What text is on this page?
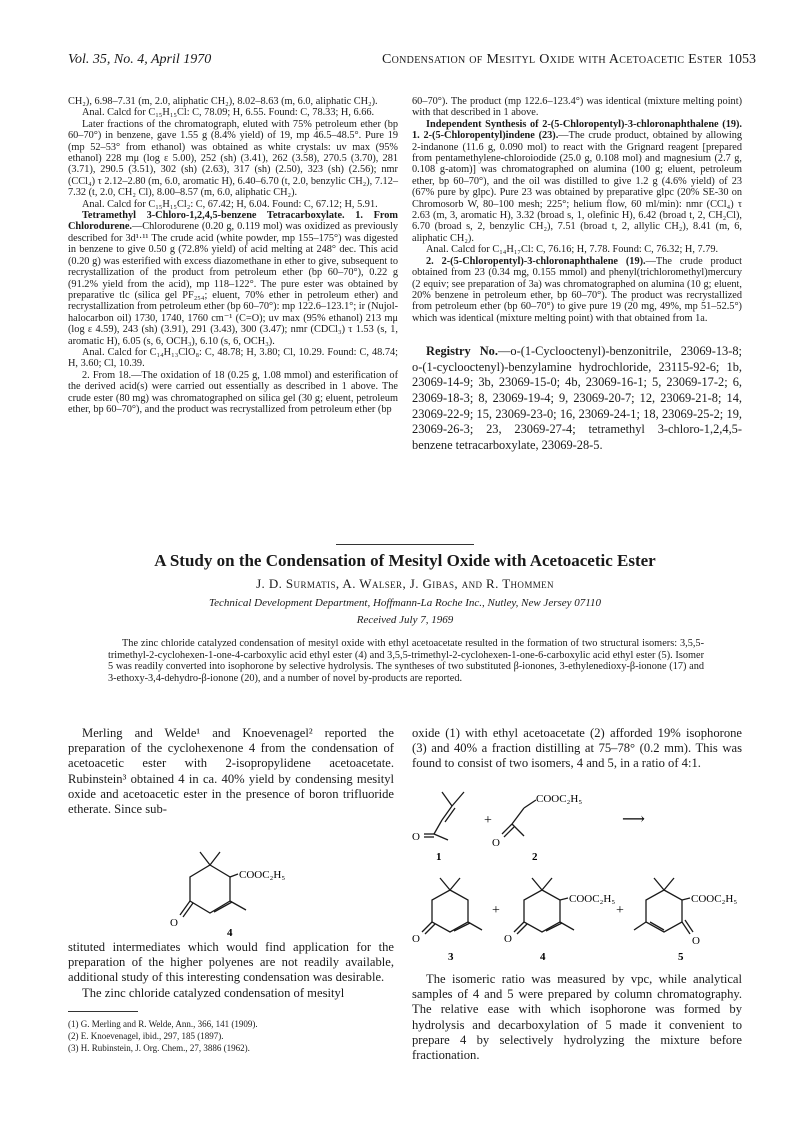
Vol. 35, No. 4, April 1970	Condensation of Mesityl Oxide with Acetoacetic Ester 1053

CH₂), 6.98–7.31 (m, 2.0, aliphatic CH₂), 8.02–8.63 (m, 6.0, aliphatic CH₂).

Anal. Calcd for C₁₅H₁₅Cl: C, 78.09; H, 6.55. Found: C, 78.33; H, 6.66.

Later fractions of the chromatograph, eluted with 75% petroleum ether (bp 60–70°) in benzene, gave 1.55 g (8.4% yield) of 19, mp 46.5–48.5°. Pure 19 (mp 52–53° from ethanol) was obtained as white crystals: uv max (95% ethanol) 228 mμ (log ε 5.00), 252 (sh) (3.41), 262 (3.58), 270.5 (3.70), 281 (3.71), 290.5 (3.51), 302 (sh) (2.63), 317 (sh) (2.50), 323 (sh) (2.56); nmr (CCl₄) τ 2.12–2.80 (m, 6.0, aromatic H), 6.40–6.70 (t, 2.0, benzylic CH₂), 7.12–7.32 (t, 2.0, CH₂ Cl), 8.00–8.57 (m, 6.0, aliphatic CH₂).

Anal. Calcd for C₁₅H₁₅Cl₂: C, 67.42; H, 6.04. Found: C, 67.12; H, 5.91.

Tetramethyl 3-Chloro-1,2,4,5-benzene Tetracarboxylate. 1. From Chlorodurene.—Chlorodurene (0.20 g, 0.119 mol) was oxidized as previously described for 3d¹·¹¹ The crude acid (white powder, mp 155–175°) was digested in benzene to give 0.50 g (72.8% yield) of acid melting at 248° dec. This acid (0.20 g) was esterified with excess diazomethane in ether to give, subsequent to recrystallization of the product from petroleum ether (bp 60–70°), 0.22 g (91.2% yield from the acid), mp 118–122°. The pure ester was obtained by preparative tlc (silica gel PF₂₅₄; eluent, 70% ether in petroleum ether) and recrystallization from petroleum ether (bp 60–70°): mp 122.6–123.1°; ir (Nujol-halocarbon oil) 1730, 1740, 1760 cm⁻¹ (C=O); uv max (95% ethanol) 213 mμ (log ε 4.59), 243 (sh) (3.91), 291 (3.43), 300 (3.47); nmr (CDCl₃) τ 1.53 (s, 1, aromatic H), 6.05 (s, 6, OCH₃), 6.10 (s, 6, OCH₃).

Anal. Calcd for C₁₄H₁₃ClO₈: C, 48.78; H, 3.80; Cl, 10.29. Found: C, 48.74; H, 3.60; Cl, 10.39.

2. From 18.—The oxidation of 18 (0.25 g, 1.08 mmol) and esterification of the derived acid(s) were carried out essentially as described in 1 above. The crude ester (80 mg) was chromatographed on silica gel (30 g; eluent, petroleum ether, bp 60–70°), and the product was recrystallized from petroleum ether (bp

60–70°). The product (mp 122.6–123.4°) was identical (mixture melting point) with that described in 1 above.

Independent Synthesis of 2-(5-Chloropentyl)-3-chloronaphthalene (19). 1. 2-(5-Chloropentyl)indene (23).—The crude product, obtained by allowing 2-indanone (11.6 g, 0.090 mol) to react with the Grignard reagent [prepared from pentamethylene-chloroiodide (25.0 g, 0.108 mol) and magnesium (2.7 g, 0.108 g-atom)] was chromatographed on alumina (100 g; eluent, petroleum ether, bp 60–70°), and the oil was distilled to give 1.2 g (4.6% yield) of 23 (67% pure by glpc). Pure 23 was obtained by preparative glpc (20% SE-30 on Chromosorb W, 80–100 mesh; 225°; helium flow, 60 ml/min): nmr (CCl₄) τ 2.63 (m, 3, aromatic H), 3.32 (broad s, 1, olefinic H), 6.42 (broad t, 2, CH₂Cl), 6.70 (broad s, 2, benzylic CH₂), 7.51 (broad t, 2, allylic CH₂), 8.41 (m, 6, aliphatic CH₂).

Anal. Calcd for C₁₄H₁₇Cl: C, 76.16; H, 7.78. Found: C, 76.32; H, 7.79.

2. 2-(5-Chloropentyl)-3-chloronaphthalene (19).—The crude product obtained from 23 (0.34 mg, 0.155 mmol) and phenyl(trichloromethyl)mercury (2 equiv; see preparation of 3a) was chromatographed on alumina (10 g; eluent, 20% benzene in petroleum ether, bp 60–70°). The product was recrystallized from petroleum ether (bp 60–70°) to give pure 19 (20 mg, 49%, mp 51–52.5°) which was identical (mixture melting point) with that obtained from 1a.

Registry No.—o-(1-Cyclooctenyl)-benzonitrile, 23069-13-8; o-(1-cyclooctenyl)-benzylamine hydrochloride, 23115-92-6; 1b, 23069-14-9; 3b, 23069-15-0; 4b, 23069-16-1; 5, 23069-17-2; 6, 23069-18-3; 8, 23069-19-4; 9, 23069-20-7; 12, 23069-21-8; 14, 23069-22-9; 15, 23069-23-0; 16, 23069-24-1; 18, 23069-25-2; 19, 23069-26-3; 23, 23069-27-4; tetramethyl 3-chloro-1,2,4,5-benzene tetracarboxylate, 23069-28-5.

A Study on the Condensation of Mesityl Oxide with Acetoacetic Ester
J. D. Surmatis, A. Walser, J. Gibas, and R. Thommen
Technical Development Department, Hoffmann-La Roche Inc., Nutley, New Jersey 07110
Received July 7, 1969
The zinc chloride catalyzed condensation of mesityl oxide with ethyl acetoacetate resulted in the formation of two structural isomers: 3,5,5-trimethyl-2-cyclohexen-1-one-4-carboxylic acid ethyl ester (4) and 3,5,5-trimethyl-2-cyclohexen-1-one-6-carboxylic acid ethyl ester (5). Isomer 5 was readily converted into isophorone by selective hydrolysis. The syntheses of two substituted β-ionones, 3-ethylenedioxy-β-ionone (17) and 3-ethoxy-3,4-dehydro-β-ionone (20), and a number of novel by-products are reported.

Merling and Welde¹ and Knoevenagel² reported the preparation of the cyclohexenone 4 from the condensation of acetoacetic ester with 2-isopropylidene acetoacetate. Rubinstein³ obtained 4 in ca. 40% yield by condensing mesityl oxide and acetoacetic ester in the presence of boron trifluoride etherate. Since sub-

COOC₂H₅
O
4

stituted intermediates which would find application for the preparation of the higher polyenes are not readily available, additional study of this interesting condensation was desirable.

The zinc chloride catalyzed condensation of mesityl

(1) G. Merling and R. Welde, Ann., 366, 141 (1909).

(2) E. Knoevenagel, ibid., 297, 185 (1897).

(3) H. Rubinstein, J. Org. Chem., 27, 3886 (1962).

oxide (1) with ethyl acetoacetate (2) afforded 19% isophorone (3) and 40% a fraction distilling at 75–78° (0.2 mm). This was found to consist of two isomers, 4 and 5, in a ratio of 4:1.

O
1
+
COOC₂H₅
O
2
⟶
O
3
+
COOC₂H₅
O
4
+
COOC₂H₅
O
5

The isomeric ratio was measured by vpc, while analytical samples of 4 and 5 were prepared by column chromatography. The relative ease with which isophorone was formed by hydrolysis and decarboxylation of 5 made it convenient to prepare 4 by selectively hydrolyzing the mixture before fractionation.
